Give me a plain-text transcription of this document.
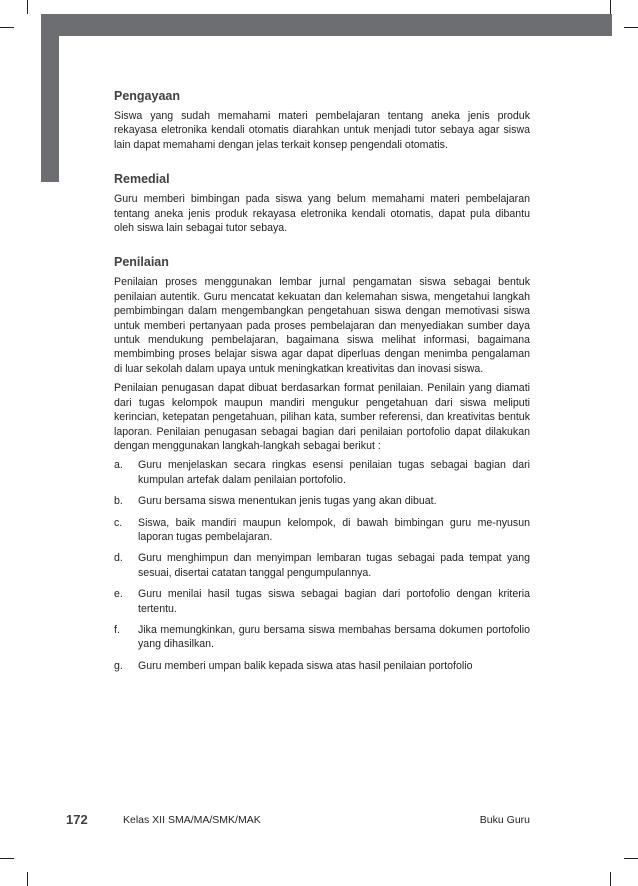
Pengayaan

Siswa yang sudah memahami materi pembelajaran tentang aneka jenis produk rekayasa eletronika kendali otomatis diarahkan untuk menjadi tutor sebaya agar siswa lain dapat memahami dengan jelas terkait konsep pengendali otomatis.

Remedial

Guru memberi bimbingan pada siswa yang belum memahami materi pembelajaran tentang aneka jenis produk rekayasa eletronika kendali otomatis, dapat pula dibantu oleh siswa lain sebagai tutor sebaya.

Penilaian

Penilaian proses menggunakan lembar jurnal pengamatan siswa sebagai bentuk penilaian autentik. Guru mencatat kekuatan dan kelemahan siswa, mengetahui langkah pembimbingan dalam mengembangkan pengetahuan siswa dengan memotivasi siswa untuk memberi pertanyaan pada proses pembelajaran dan menyediakan sumber daya untuk mendukung pembelajaran, bagaimana siswa melihat informasi, bagaimana membimbing proses belajar siswa agar dapat diperluas dengan menimba pengalaman di luar sekolah dalam upaya untuk meningkatkan kreativitas dan inovasi siswa.

Penilaian penugasan dapat dibuat berdasarkan format penilaian. Penilain yang diamati dari tugas kelompok maupun mandiri mengukur pengetahuan dari siswa meliputi kerincian, ketepatan pengetahuan, pilihan kata, sumber referensi, dan kreativitas bentuk laporan. Penilaian penugasan sebagai bagian dari penilaian portofolio dapat dilakukan dengan menggunakan langkah-langkah sebagai berikut :

a.	Guru menjelaskan secara ringkas esensi penilaian tugas sebagai bagian dari kumpulan artefak dalam penilaian portofolio.
b.	Guru bersama siswa menentukan jenis tugas yang akan dibuat.
c.	Siswa, baik mandiri maupun kelompok, di bawah bimbingan guru me-nyusun laporan tugas pembelajaran.
d.	Guru menghimpun dan menyimpan lembaran tugas sebagai pada tempat yang sesuai, disertai catatan tanggal pengumpulannya.
e.	Guru menilai hasil tugas siswa sebagai bagian dari portofolio dengan kriteria tertentu.
f.	Jika memungkinkan, guru bersama siswa membahas bersama dokumen portofolio yang dihasilkan.
g.	Guru memberi umpan balik kepada siswa atas hasil penilaian portofolio
172	Kelas XII SMA/MA/SMK/MAK	Buku Guru
